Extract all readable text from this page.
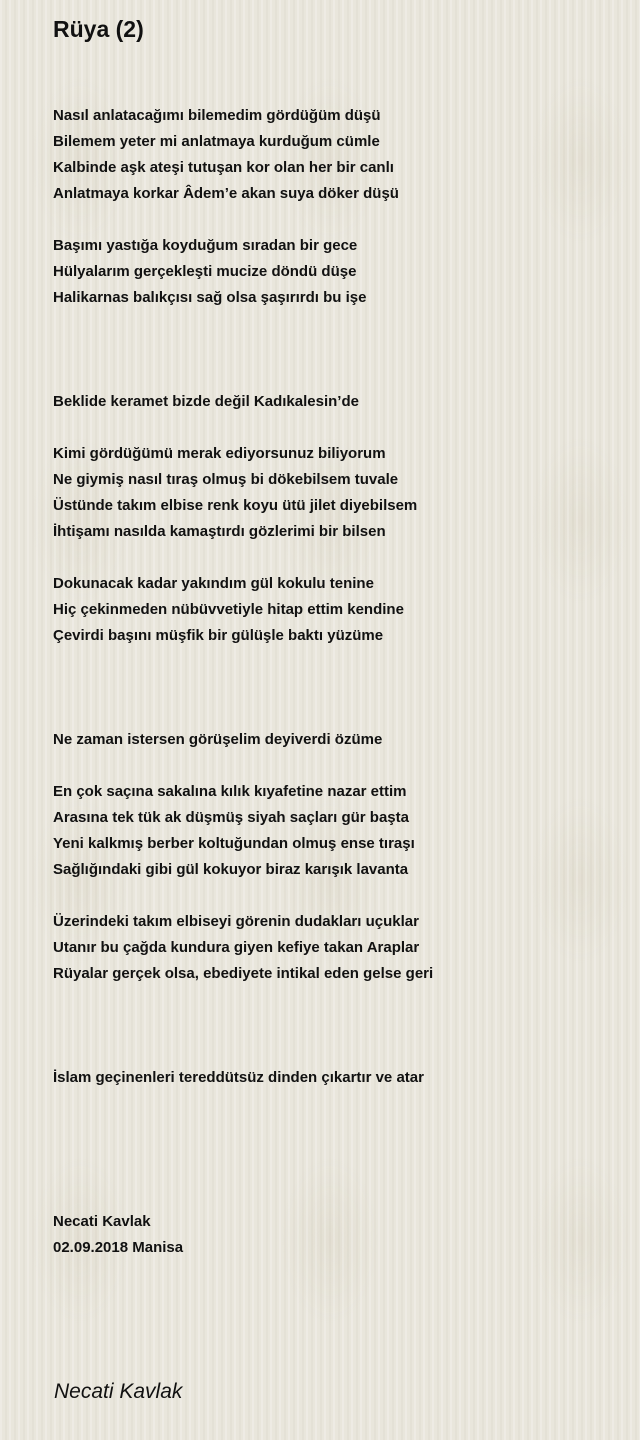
Rüya (2)
Nasıl anlatacağımı bilemedim gördüğüm düşü
Bilemem yeter mi anlatmaya kurduğum cümle
Kalbinde aşk ateşi tutuşan kor olan her bir canlı
Anlatmaya korkar Âdem’e akan suya döker düşü
Başımı yastığa koyduğum sıradan bir gece
Hülyalarım gerçekleşti mucize döndü düşe
Halikarnas balıkçısı sağ olsa şaşırırdı bu işe
Beklide keramet bizde değil Kadıkalesin’de
Kimi gördüğümü merak ediyorsunuz biliyorum
Ne giymiş nasıl tıraş olmuş bi dökebilsem tuvale
Üstünde takım elbise renk koyu ütü jilet diyebilsem
İhtişamı nasılda kamaştırdı gözlerimi bir bilsen
Dokunacak kadar yakındım gül kokulu tenine
Hiç çekinmeden nübüvvetiyle hitap ettim kendine
Çevirdi başını müşfik bir gülüşle baktı yüzüme
Ne zaman istersen görüşelim deyiverdi özüme
En çok saçına sakalına kılık kıyafetine nazar ettim
Arasına tek tük ak düşmüş siyah saçları gür başta
Yeni kalkmış berber koltuğundan olmuş ense tıraşı
Sağlığındaki gibi gül kokuyor biraz karışık lavanta
Üzerindeki takım elbiseyi görenin dudakları uçuklar
Utanır bu çağda kundura giyen kefiye takan Araplar
Rüyalar gerçek olsa, ebediyete intikal eden gelse geri
İslam geçinenleri tereddütsüz dinden çıkartır ve atar
Necati Kavlak
02.09.2018 Manisa
Necati Kavlak
